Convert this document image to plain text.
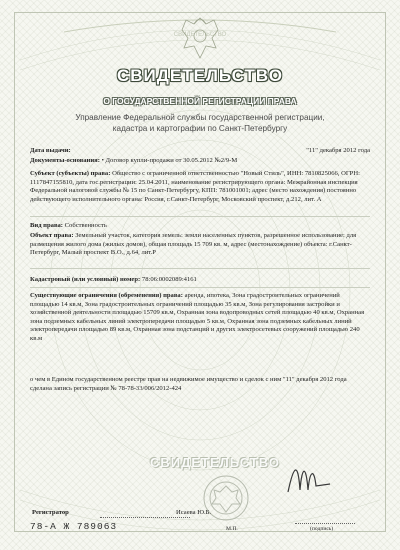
СВИДЕТЕЛЬСТВО
СВИДЕТЕЛЬСТВО
О ГОСУДАРСТВЕННОЙ РЕГИСТРАЦИИ ПРАВА
Управление Федеральной службы государственной регистрации,
кадастра и картографии по Санкт-Петербургу
Дата выдачи:	"11" декабря 2012 года

Документы-основания: • Договор купли-продажи от 30.05.2012 №2/9-М

Субъект (субъекты) права: Общество с ограниченной ответственностью "Новый Стиль", ИНН: 7810825066, ОГРН: 1117847155810, дата гос.регистрации: 25.04.2011, наименование регистрирующего органа: Межрайонная инспекция Федеральной налоговой службы № 15 по Санкт-Петербургу, КПП: 781001001; адрес (место нахождения) постоянно действующего исполнительного органа: Россия, г.Санкт-Петербург, Московский проспект, д.212, лит. А

Вид права: Собственность

Объект права: Земельный участок, категория земель: земли населенных пунктов, разрешенное использование: для размещения жилого дома (жилых домов), общая площадь 15 709 кв. м, адрес (местонахождение) объекта: г.Санкт-Петербург, Малый проспект В.О., д.64, лит.Р

Кадастровый (или условный) номер: 78:06:0002089:4161

Существующие ограничения (обременения) права: аренда, ипотека, Зона градостроительных ограничений площадью 14 кв.м, Зона градостроительных ограничений площадью 35 кв.м, Зона регулирования застройки и хозяйственной деятельности площадью 15709 кв.м, Охранная зона водопроводных сетей площадью 40 кв.м, Охранная зона подземных кабельных линий электропередачи площадью 5 кв.м, Охранная зона подземных кабельных линий электропередачи площадью 89 кв.м, Охранная зона подстанций и других электросетевых сооружений площадью 240 кв.м

о чем в Едином государственном реестре прав на недвижимое имущество и сделок с ним "11" декабря 2012 года сделана запись регистрации № 78-78-33/006/2012-424

СВИДЕТЕЛЬСТВО
Регистратор	Исаева Ю.Б.
М.П.	(подпись)
78-А Ж 789063
